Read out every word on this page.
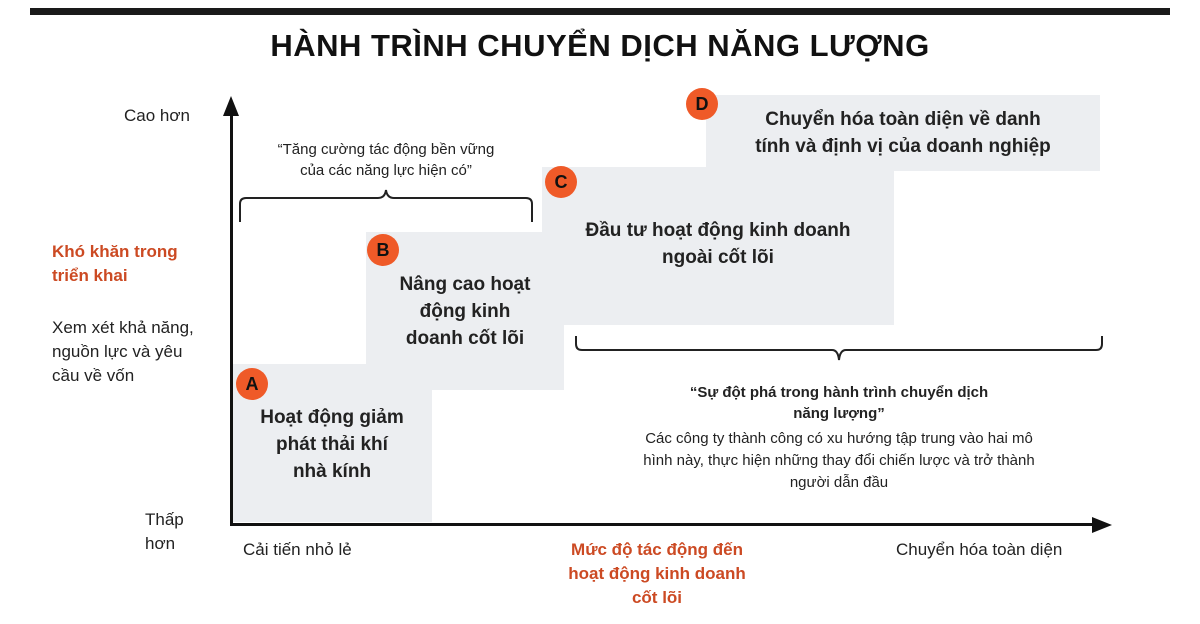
HÀNH TRÌNH CHUYỂN DỊCH NĂNG LƯỢNG
Cao hơn
Khó khăn trong
triển khai
Xem xét khả năng,
nguồn lực và yêu
cầu về vốn
Thấp
hơn	Cải tiến nhỏ lẻ	Chuyển hóa toàn diện
Mức độ tác động đến
hoạt động kinh doanh
cốt lõi
“Tăng cường tác động bền vững
của các năng lực hiện có”
“Sự đột phá trong hành trình chuyển dịch
năng lượng”
Các công ty thành công có xu hướng tập trung vào hai mô
hình này, thực hiện những thay đổi chiến lược và trở thành
người dẫn đầu
A
Hoạt động giảm
phát thải khí
nhà kính
B
Nâng cao hoạt
động kinh
doanh cốt lõi
C
Đầu tư hoạt động kinh doanh
ngoài cốt lõi
D
Chuyển hóa toàn diện về danh
tính và định vị của doanh nghiệp
